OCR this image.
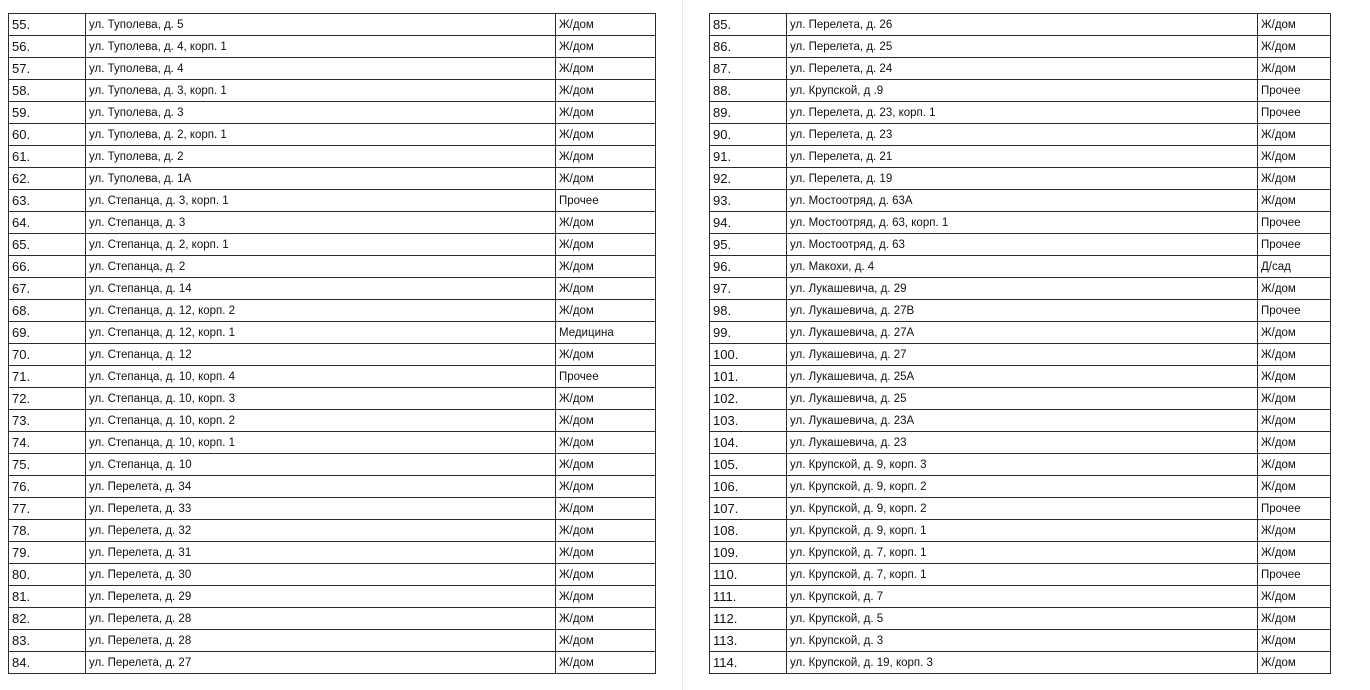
55.	ул. Туполева, д. 5	Ж/дом
56.	ул. Туполева, д. 4, корп. 1	Ж/дом
57.	ул. Туполева, д. 4	Ж/дом
58.	ул. Туполева, д. 3, корп. 1	Ж/дом
59.	ул. Туполева, д. 3	Ж/дом
60.	ул. Туполева, д. 2, корп. 1	Ж/дом
61.	ул. Туполева, д. 2	Ж/дом
62.	ул. Туполева, д. 1А	Ж/дом
63.	ул. Степанца, д. 3, корп. 1	Прочее
64.	ул. Степанца, д. 3	Ж/дом
65.	ул. Степанца, д. 2, корп. 1	Ж/дом
66.	ул. Степанца, д. 2	Ж/дом
67.	ул. Степанца, д. 14	Ж/дом
68.	ул. Степанца, д. 12, корп. 2	Ж/дом
69.	ул. Степанца, д. 12, корп. 1	Медицина
70.	ул. Степанца, д. 12	Ж/дом
71.	ул. Степанца, д. 10, корп. 4	Прочее
72.	ул. Степанца, д. 10, корп. 3	Ж/дом
73.	ул. Степанца, д. 10, корп. 2	Ж/дом
74.	ул. Степанца, д. 10, корп. 1	Ж/дом
75.	ул. Степанца, д. 10	Ж/дом
76.	ул. Перелета, д. 34	Ж/дом
77.	ул. Перелета, д. 33	Ж/дом
78.	ул. Перелета, д. 32	Ж/дом
79.	ул. Перелета, д. 31	Ж/дом
80.	ул. Перелета, д. 30	Ж/дом
81.	ул. Перелета, д. 29	Ж/дом
82.	ул. Перелета, д. 28	Ж/дом
83.	ул. Перелета, д. 28	Ж/дом
84.	ул. Перелета, д. 27	Ж/дом
85.	ул. Перелета, д. 26	Ж/дом
86.	ул. Перелета, д. 25	Ж/дом
87.	ул. Перелета, д. 24	Ж/дом
88.	ул. Крупской, д .9	Прочее
89.	ул. Перелета, д. 23, корп. 1	Прочее
90.	ул. Перелета, д. 23	Ж/дом
91.	ул. Перелета, д. 21	Ж/дом
92.	ул. Перелета, д. 19	Ж/дом
93.	ул. Мостоотряд, д. 63А	Ж/дом
94.	ул. Мостоотряд, д. 63, корп. 1	Прочее
95.	ул. Мостоотряд, д. 63	Прочее
96.	ул. Макохи, д. 4	Д/сад
97.	ул. Лукашевича, д. 29	Ж/дом
98.	ул. Лукашевича, д. 27В	Прочее
99.	ул. Лукашевича, д. 27А	Ж/дом
100.	ул. Лукашевича, д. 27	Ж/дом
101.	ул. Лукашевича, д. 25А	Ж/дом
102.	ул. Лукашевича, д. 25	Ж/дом
103.	ул. Лукашевича, д. 23А	Ж/дом
104.	ул. Лукашевича, д. 23	Ж/дом
105.	ул. Крупской, д. 9, корп. 3	Ж/дом
106.	ул. Крупской, д. 9, корп. 2	Ж/дом
107.	ул. Крупской, д. 9, корп. 2	Прочее
108.	ул. Крупской, д. 9, корп. 1	Ж/дом
109.	ул. Крупской, д. 7, корп. 1	Ж/дом
110.	ул. Крупской, д. 7, корп. 1	Прочее
111.	ул. Крупской, д. 7	Ж/дом
112.	ул. Крупской, д. 5	Ж/дом
113.	ул. Крупской, д. 3	Ж/дом
114.	ул. Крупской, д. 19, корп. 3	Ж/дом
